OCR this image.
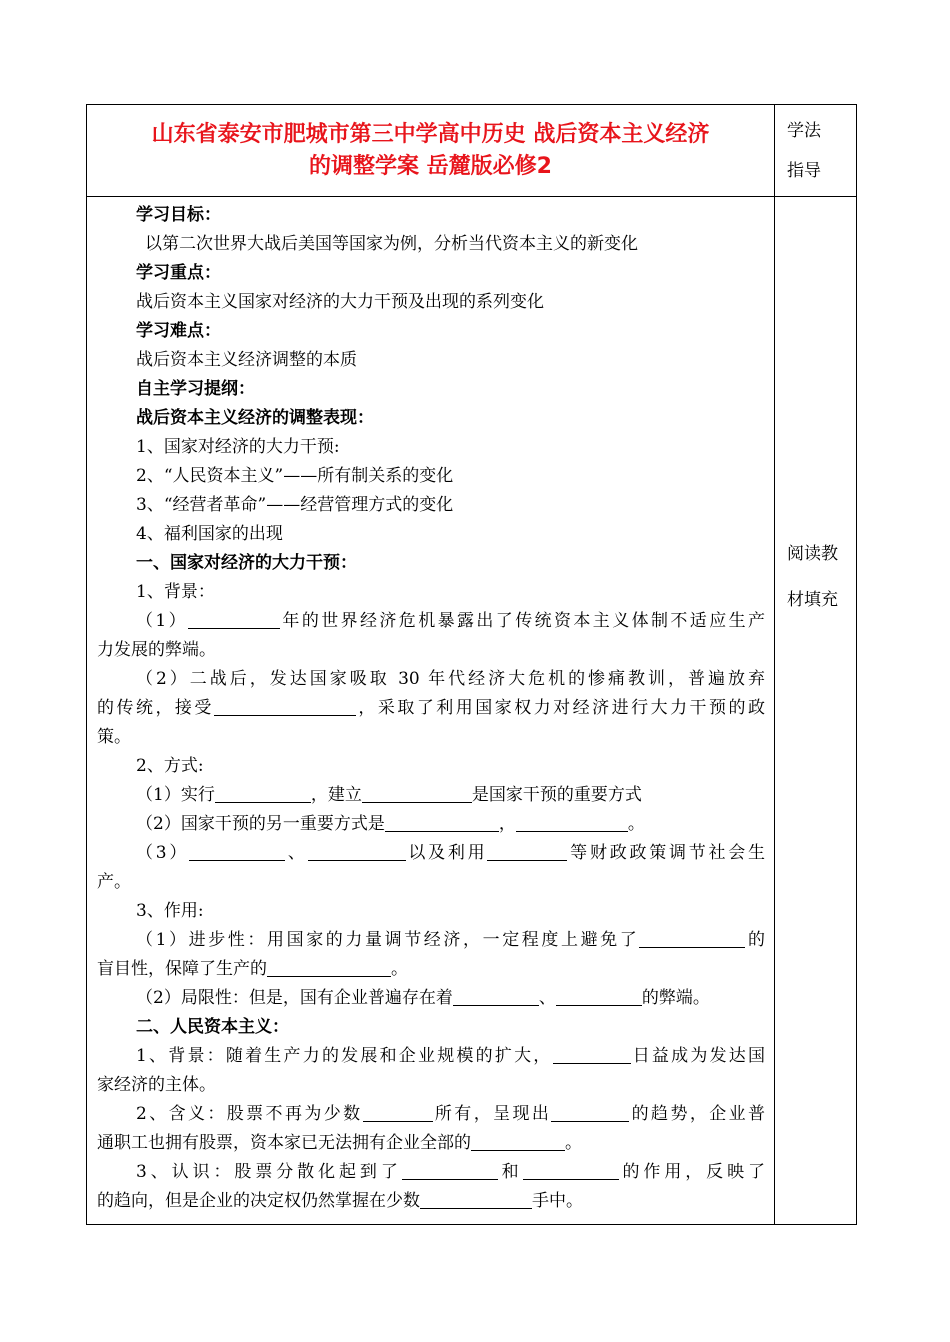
山东省泰安市肥城市第三中学高中历史 战后资本主义经济
的调整学案 岳麓版必修2
学法
指导
阅读教
材填充
学习目标：
以第二次世界大战后美国等国家为例，分析当代资本主义的新变化
学习重点：
战后资本主义国家对经济的大力干预及出现的系列变化
学习难点：
战后资本主义经济调整的本质
自主学习提纲：
战后资本主义经济的调整表现：
1、国家对经济的大力干预:
2、“人民资本主义”——所有制关系的变化
3、“经营者革命”——经营管理方式的变化
4、福利国家的出现
一、国家对经济的大力干预：
1、背景：
（1）	年的世界经济危机暴露出了传统资本主义体制不适应生产
力发展的弊端。
（2）二战后，发达国家吸取 30 年代经济大危机的惨痛教训，普遍放弃
的传统，接受	，采取了利用国家权力对经济进行大力干预的政
策。
2、方式:
（1）实行	，建立	是国家干预的重要方式
（2）国家干预的另一重要方式是	，	。
（3）	、	以及利用	等财政政策调节社会生
产。
3、作用:
（1）进步性：用国家的力量调节经济，一定程度上避免了	的
盲目性，保障了生产的	。
（2）局限性：但是，国有企业普遍存在着	、	的弊端。
二、人民资本主义：
1、背景：随着生产力的发展和企业规模的扩大，	日益成为发达国
家经济的主体。
2、含义：股票不再为少数	所有，呈现出	的趋势，企业普
通职工也拥有股票，资本家已无法拥有企业全部的	。
3、认识：股票分散化起到了	和	的作用，反映了
的趋向，但是企业的决定权仍然掌握在少数	手中。
